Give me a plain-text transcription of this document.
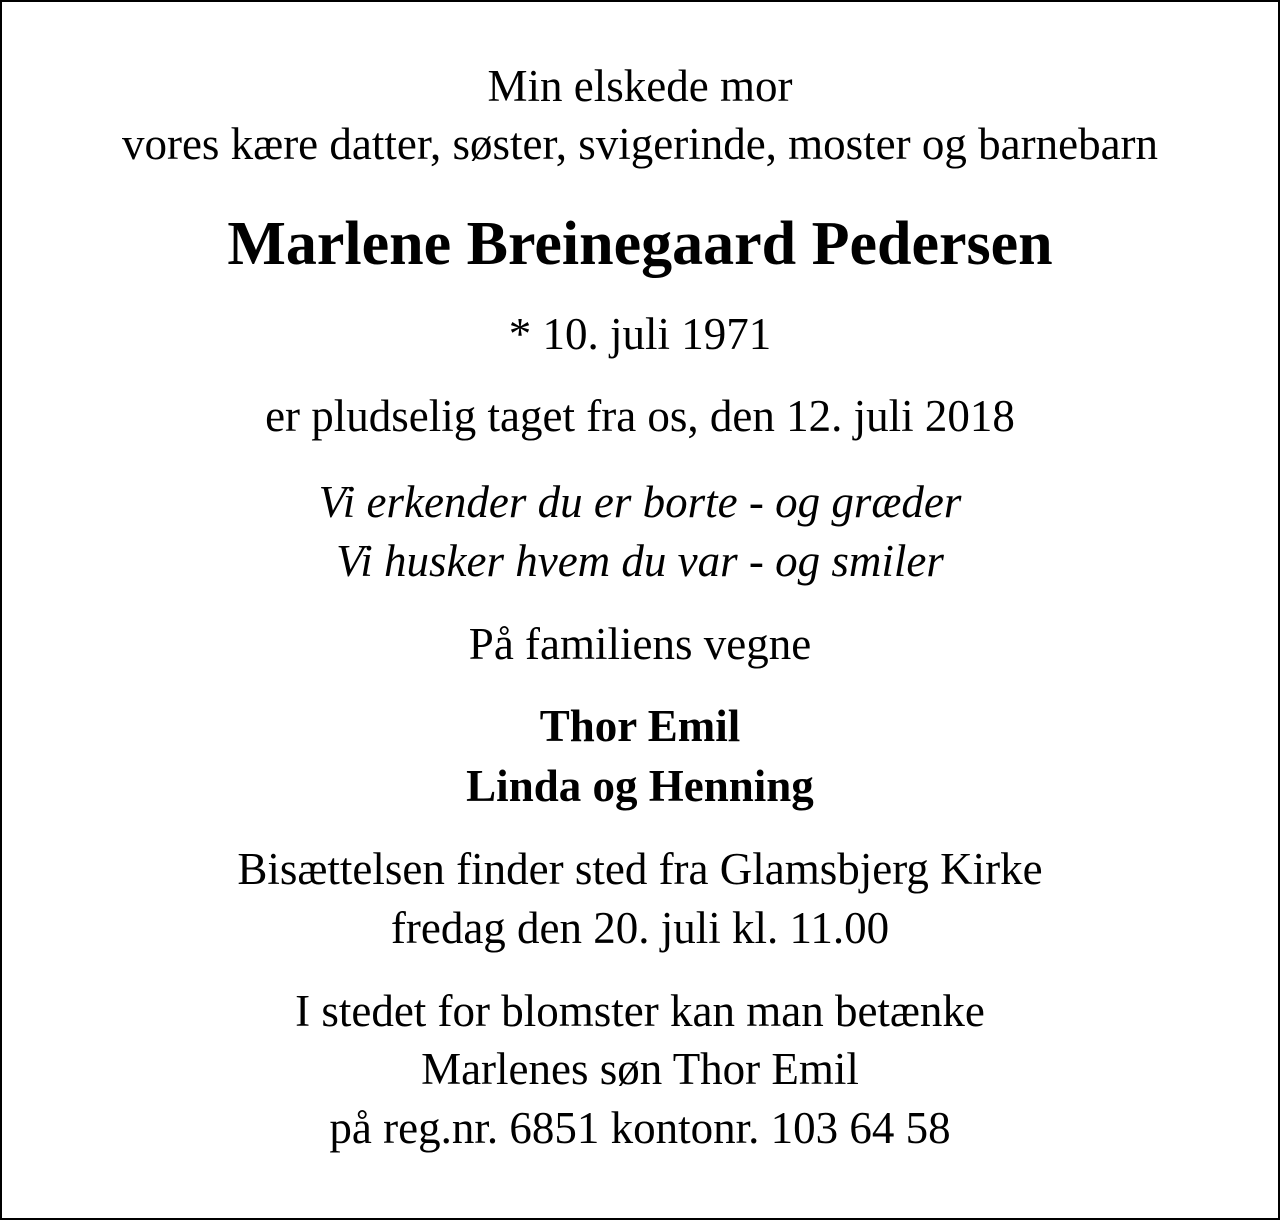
Min elskede mor
vores kære datter, søster, svigerinde, moster og barnebarn
Marlene Breinegaard Pedersen
* 10. juli 1971
er pludselig taget fra os, den 12. juli 2018
Vi erkender du er borte - og græder
Vi husker hvem du var - og smiler
På familiens vegne
Thor Emil
Linda og Henning
Bisættelsen finder sted fra Glamsbjerg Kirke
fredag den 20. juli kl. 11.00
I stedet for blomster kan man betænke
Marlenes søn Thor Emil
på reg.nr. 6851 kontonr. 103 64 58
